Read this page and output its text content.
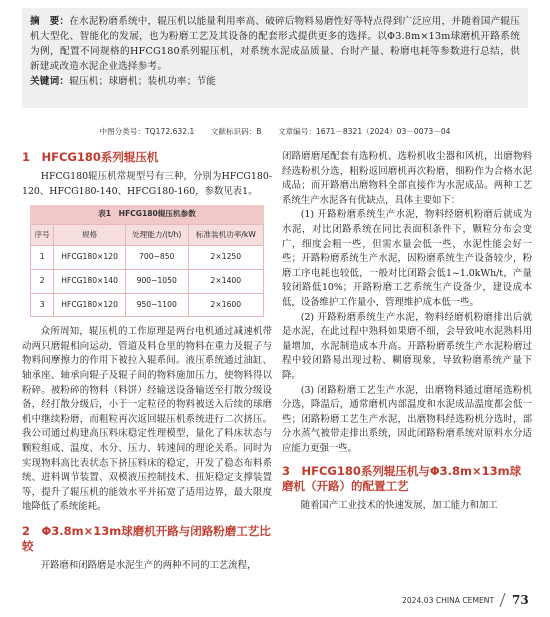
摘　要：在水泥粉磨系统中，辊压机以能量利用率高、破碎后物料易磨性好等特点得到广泛应用，并随着国产辊压机大型化、智能化的发展，也为粉磨工艺及其设备的配套形式提供更多的选择。以Φ3.8m×13m球磨机开路系统为例，配置不同规格的HFCG180系列辊压机，对系统水泥成品质量、台时产量、粉磨电耗等参数进行总结，供新建或改造水泥企业选择参考。

关键词：辊压机；球磨机；装机功率；节能

中图分类号：TQ172.632.1 文献标识码：B 文章编号：1671－8321（2024）03－0073－04
1　HFCG180系列辊压机

HFCG180辊压机常规型号有三种，分别为HFCG180-120、HFCG180-140、HFCG180-160，参数见表1。

表1　HFCG180辊压机参数
序号	规格	处理能力/(t/h)	标准装机功率/kW
1	HFCG180×120	700~850	2×1250
2	HFCG180×140	900~1050	2×1400
3	HFCG180×120	950~1100	2×1600

众所周知，辊压机的工作原理是两台电机通过减速机带动两只磨辊相向运动，管道及料仓里的物料在重力及辊子与物料间摩擦力的作用下被拉入辊系间。液压系统通过油缸、轴承座、轴承向辊子及辊子间的物料施加压力，使物料得以粉碎。被粉碎的物料（料饼）经输送设备输送至打散分级设备，经打散分级后，小于一定粒径的物料被送入后续的球磨机中继续粉磨，而粗粒再次返回辊压机系统进行二次挤压。我公司通过构建高压料床稳定性理模型，量化了料床状态与颗粒组成、温度、水分、压力、转速间的理论关系。同时为实现物料高比表状态下挤压料床的稳定，开发了稳态布料系统、进料调节装置、双模液压控制技术、扭矩稳定支撑装置等，提升了辊压机的能效水平并拓宽了适用边界，最大限度地降低了系统能耗。

2　Φ3.8m×13m球磨机开路与闭路粉磨工艺比较

开路磨和闭路磨是水泥生产的两种不同的工艺流程，

闭路磨磨尾配套有选粉机、选粉机收尘器和风机，出磨物料经选粉机分选，粗粉返回磨机再次粉磨，细粉作为合格水泥成品；而开路磨出磨物料全部直接作为水泥成品。两种工艺系统生产水泥各有优缺点，具体主要如下：

(1) 开路粉磨系统生产水泥，物料经磨机粉磨后就成为水泥，对比闭路系统在同比表面积条件下，颗粒分布会变广，细度会粗一些，但需水量会低一些，水泥性能会好一些；开路粉磨系统生产水泥，因粉磨系统生产设备较少，粉磨工序电耗也较低，一般对比闭路会低1~1.0kWh/t，产量较闭路低10%；开路粉磨工艺系统生产设备少，建设成本低，设备维护工作量小，管理维护成本低一些。

(2) 开路粉磨系统生产水泥，物料经磨机粉磨排出后就是水泥，在此过程中熟料如果磨不细，会导致吨水泥熟料用量增加，水泥制造成本升高。开路粉磨系统生产水泥粉磨过程中较闭路易出现过粉、糊磨现象，导致粉磨系统产量下降。

(3) 闭路粉磨工艺生产水泥，出磨物料通过磨尾选粉机分选，降温后，通常磨机内部温度和水泥成品温度都会低一些；闭路粉磨工艺生产水泥，出磨物料经选粉机分选时，部分水蒸气被带走排出系统，因此闭路粉磨系统对原料水分适应能力更强一些。

3　HFCG180系列辊压机与Φ3.8m×13m球磨机（开路）的配置工艺

随着国产工业技术的快速发展，加工能力和加工

2024.03 CHINA CEMENT 73
